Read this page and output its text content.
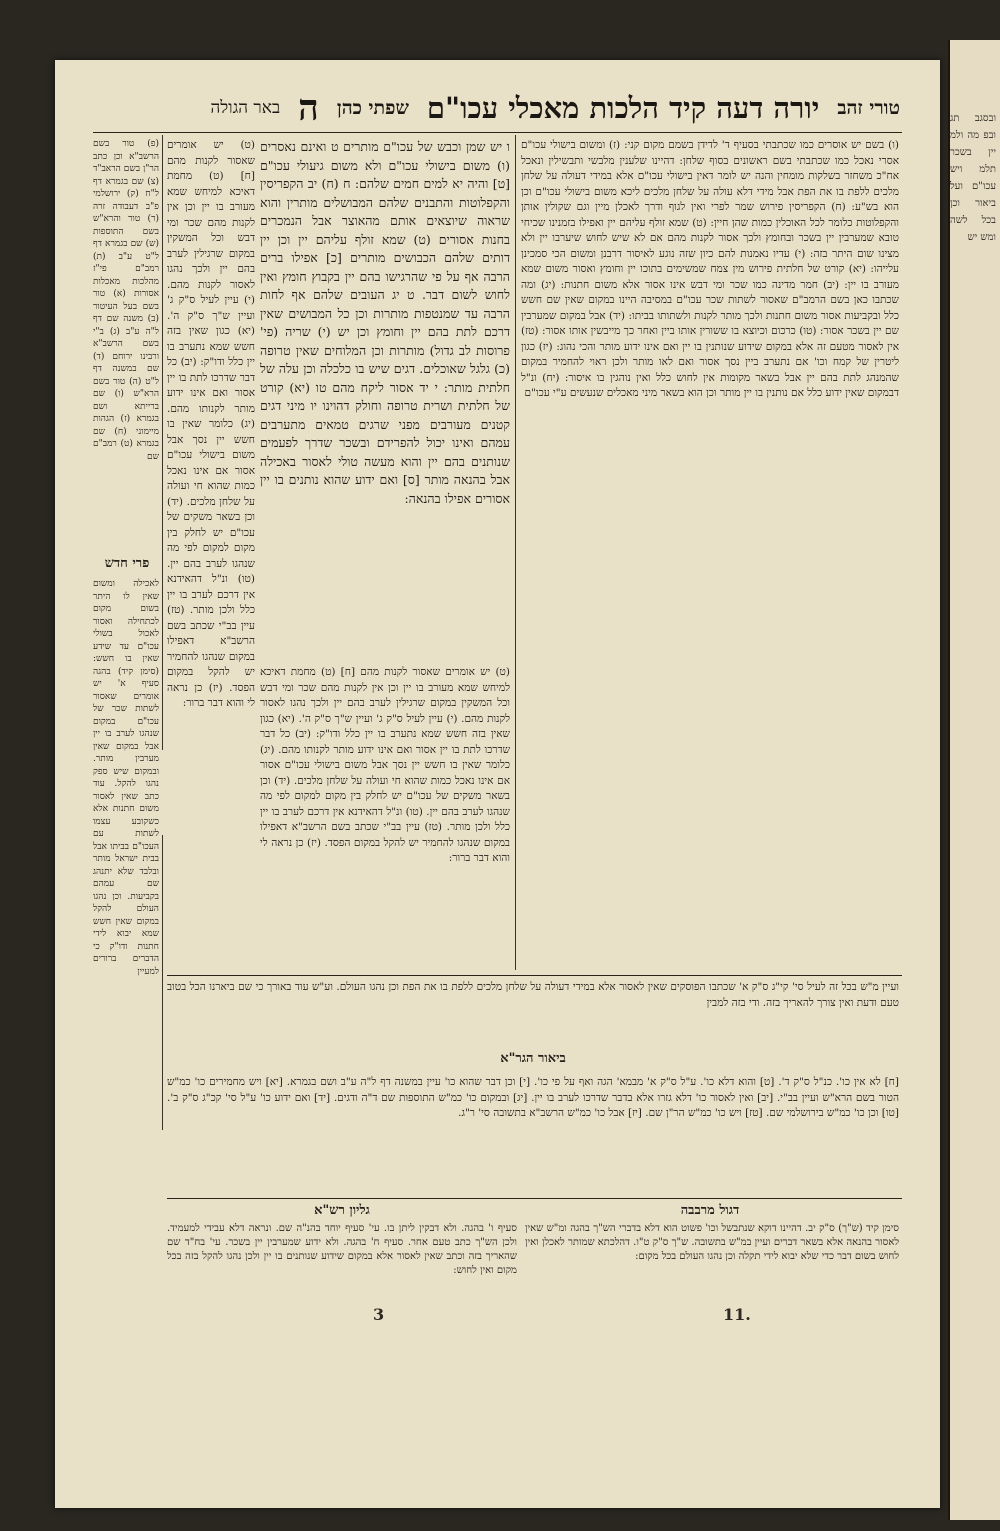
ובסגב תג ובפ מה ולמ יין בשכר תלמ ויש עכו"ם ועל ביאור וכן בכל לשה ומש יש
טורי זהב
יורה דעה קיד הלכות מאכלי עכו"ם
שפתי כהן
ה
באר הגולה
(ו) בשם יש אוסרים כמו שכתבתי בסעיף ד' לדידן בשמם מקום קני: (ז) ומשום בישולי עכו"ם אסרי נאכל כמו שכתבתי בשם ראשונים בסוף שלחן: דהיינו שלענין מלבשי ותבשילין ונאכל אח"כ משחזר בשלקות מומחין והנה יש לומר דאין בישולי עכו"ם אלא במידי דעולה על שלחן מלכים ללפת בו את הפת אבל מידי דלא עולה על שלחן מלכים ליכא משום בישולי עכו"ם וכן הוא בש"ע: (ח) הקפריסין פירוש שמר לפרי ואין לגוף ודרך לאכלן מיין וגם שקולין אותן והקפלוטות כלומר לכל האוכלין כמות שהן חיין: (ט) שמא זולף עליהם יין ואפילו בזמנינו שכיחי טובא שמערבין יין בשכר ובחומץ ולכך אסור לקנות מהם אם לא שיש לחוש שיערבו יין ולא מצינו שום היתר בזה: (י) עדיו נאמנות להם כיון שזה נוגע לאיסור דרבנן ומשום הכי סמכינן עלייהו: (יא) קורט של חלתית פירוש מין צמח שמשימים בתוכו יין וחומץ ואסור משום שמא מעורב בו יין: (יב) חמר מדינה כמו שכר ומי דבש אינו אסור אלא משום חתנות: (יג) ומה שכתבו כאן בשם הרמב"ם שאסור לשתות שכר עכו"ם במסיבה היינו במקום שאין שם חשש כלל ובקביעות אסור משום חתנות ולכך מותר לקנות ולשתותו בביתו: (יד) אבל במקום שמערבין שם יין בשכר אסור: (טו) כרכום וכיוצא בו ששורין אותו ביין ואחר כך מייבשין אותו אסור: (טז) אין לאסור מטעם זה אלא במקום שידוע שנותנין בו יין ואם אינו ידוע מותר והכי נהוג: (יז) כגון ליטרין של קמח וכו' אם נתערב ביין נסך אסור ואם לאו מותר ולכן ראוי להחמיר במקום שהמנהג לתת בהם יין אבל בשאר מקומות אין לחוש כלל ואין נוהגין בו איסור: (יח) ונ"ל דבמקום שאין ידוע כלל אם נותנין בו יין מותר וכן הוא בשאר מיני מאכלים שנעשים ע"י עכו"ם
ו יש שמן וכבש של עכו"ם מותרים ט ואינם נאסרים (ו) משום בישולי עכו"ם ולא משום גיעולי עכו"ם [ט] והיה יא למים חמים שלהם: ח (ח) יב הקפריסין והקפלוטות והתבנים שלהם המבושלים מותרין והוא שראוה שיוצאים אותם מהאוצר אבל הנמכרים בחנות אסורים (ט) שמא זולף עליהם יין וכן יין דותים שלהם הכבושים מותרים [כ] אפילו ברים הרבה אף על פי שהרגישו בהם יין בקבוץ חומץ ואין לחוש לשום דבר. ט יג העובים שלהם אף לחות הרבה עד שמנטפות מותרות וכן כל המבושים שאין דרכם לתת בהם יין וחומץ וכן יש (י) שריה (פי' פרוסות לב גדול) מותרות וכן המלוחים שאין טרופה (כ) גלגל שאוכלים. דגים שיש בו כלכלה וכן עלה של חלתית מותר: י יד אסור ליקח מהם טו (יא) קורט של חלתית ושרית טרופה וחולק דהוינו יו מיני דגים קטנים מעורבים מפני שרגים טמאים מתערבים עמהם ואינו יכול להפרידם ובשכר שדרך לפעמים שנותנים בהם יין והוא מעשה טולי לאסור באכילה אבל בהנאה מותר [ס] ואם ידוע שהוא נותנים בו יין אסורים אפילו בהנאה:
(ט) יש אומרים שאסור לקנות מהם [ח] (ט) מחמת דאיכא למיחש שמא מעורב בו יין וכן אין לקנות מהם שכר ומי דבש וכל המשקין במקום שרגילין לערב בהם יין ולכך נהגו לאסור לקנות מהם. (י) עיין לעיל ס"ק ג' ועיין ש"ך ס"ק ה'. (יא) כגון שאין בזה חשש שמא נתערב בו יין כלל ודו"ק: (יב) כל דבר שדרכו לתת בו יין אסור ואם אינו ידוע מותר לקנותו מהם. (יג) כלומר שאין בו חשש יין נסך אבל משום בישולי עכו"ם אסור אם אינו נאכל כמות שהוא חי ועולה על שלחן מלכים. (יד) וכן בשאר משקים של עכו"ם יש לחלק בין מקום למקום לפי מה שנהגו לערב בהם יין. (טו) ונ"ל דהאידנא אין דרכם לערב בו יין כלל ולכן מותר. (טז) עיין בב"י שכתב בשם הרשב"א דאפילו במקום שנהגו להחמיר יש להקל במקום הפסד. (יז) כן נראה לי והוא דבר ברור:
(ט) יש אומרים שאסור לקנות מהם [ח] (ט) מחמת דאיכא למיחש שמא מעורב בו יין וכן אין לקנות מהם שכר ומי דבש וכל המשקין במקום שרגילין לערב בהם יין ולכך נהגו לאסור לקנות מהם. (י) עיין לעיל ס"ק ג' ועיין ש"ך ס"ק ה'. (יא) כגון שאין בזה חשש שמא נתערב בו יין כלל ודו"ק: (יב) כל דבר שדרכו לתת בו יין אסור ואם אינו ידוע מותר לקנותו מהם. (יג) כלומר שאין בו חשש יין נסך אבל משום בישולי עכו"ם אסור אם אינו נאכל כמות שהוא חי ועולה על שלחן מלכים. (יד) וכן בשאר משקים של עכו"ם יש לחלק בין מקום למקום לפי מה שנהגו לערב בהם יין. (טו) ונ"ל דהאידנא אין דרכם לערב בו יין כלל ולכן מותר. (טז) עיין בב"י שכתב בשם הרשב"א דאפילו במקום שנהגו להחמיר יש להקל במקום הפסד. (יז) כן נראה לי והוא דבר ברור:
(פ) טור בשם הרשב"א וכן כתב הר"ן בשם הראב"ד (צ) שם בגמרא דף ל"ח (ק) ירושלמי פ"ב דעבודה זרה (ר) טור והרא"ש בשם התוספות (ש) שם בגמרא דף ל"ט ע"ב (ת) רמב"ם פי"ז מהלכות מאכלות אסורות (א) טור בשם בעל העיטור (ב) משנה שם דף ל"ה ע"ב (ג) ב"י בשם הרשב"א ורבינו ירוחם (ד) שם במשנה דף ל"ט (ה) טור בשם הרא"ש (ו) שם ברייתא ושם בגמרא (ז) הגהות מיימוני (ח) שם בגמרא (ט) רמב"ם שם
פרי חדש
לאכילה ומשום שאין לו היתר בשום מקום לכתחילה ואסור לאכול בשולי עכו"ם עד שידע שאין בו חשש: (סימן קיד) בהגה סעיף א' יש אומרים שאסור לשתות שכר של עכו"ם במקום שנהגו לערב בו יין אבל במקום שאין מערבין מותר. ובמקום שיש ספק נהגו להקל. עוד כתב שאין לאסור משום חתנות אלא כשקובע עצמו לשתות עם העכו"ם בביתו אבל בבית ישראל מותר ובלבד שלא יתנהג שם עמהם בקביעות. וכן נהגו העולם להקל במקום שאין חשש שמא יבוא לידי חתנות ודו"ק כי הדברים ברורים למעיין
ועיין מ"ש בכל זה לעיל סי' קי"ג ס"ק א' שכתבו הפוסקים שאין לאסור אלא במידי דעולה על שלחן מלכים ללפת בו את הפת וכן נהגו העולם. וע"ש עוד באורך כי שם ביארנו הכל בטוב טעם ודעת ואין צורך להאריך בזה. ודי בזה למבין
ביאור הגר"א
[ח] לא אין כו'. כנ"ל ס"ק ד'. [ט] והוא דלא כו'. ע"ל ס"ק א' מבמא' הגה ואף על פי כו'. [י] וכן דבר שהוא כו' עיין במשנה דף ל"ה ע"ב ושם בגמרא. [יא] ויש מחמירים כו' כמ"ש הטור בשם הרא"ש ועיין בב"י. [יב] ואין לאסור כו' דלא גזרו אלא בדבר שדרכו לערב בו יין. [יג] ובמקום כו' כמ"ש התוספות שם ד"ה ודגים. [יד] ואם ידוע כו' ע"ל סי' קכ"ג ס"ק ב'. [טו] וכן כו' כמ"ש בירושלמי שם. [טז] ויש כו' כמ"ש הר"ן שם. [יז] אבל כו' כמ"ש הרשב"א בתשובה סי' ר"ג.
דגול מרבבה
סימן קיד (ש"ך) ס"ק יב. דהיינו דוקא שנתבשל וכו' פשוט הוא דלא בדברי הש"ך בהגה ומ"ש שאין לאסור בהנאה אלא בשאר דברים ועיין במ"ש בתשובה. ש"ך ס"ק ט"ו. דהלכתא שמותר לאכלן ואין לחוש בשום דבר כדי שלא יבוא לידי תקלה וכן נהגו העולם בכל מקום:
גליון רש"א
סעיף ו' בהגה. ולא דבקין ליתן בו. עי' סעיף יוחד בהנ"ה שם. ונראה דלא עבידי למעמיד. ולכן הש"ך כתב טעם אחר. סעיף ח' בהגה. ולא ידוע שמערבין יין בשכר. עי' בח"ד שם שהאריך בזה וכתב שאין לאסור אלא במקום שידוע שנותנים בו יין ולכן נהגו להקל בזה בכל מקום ואין לחוש:
3	11.
